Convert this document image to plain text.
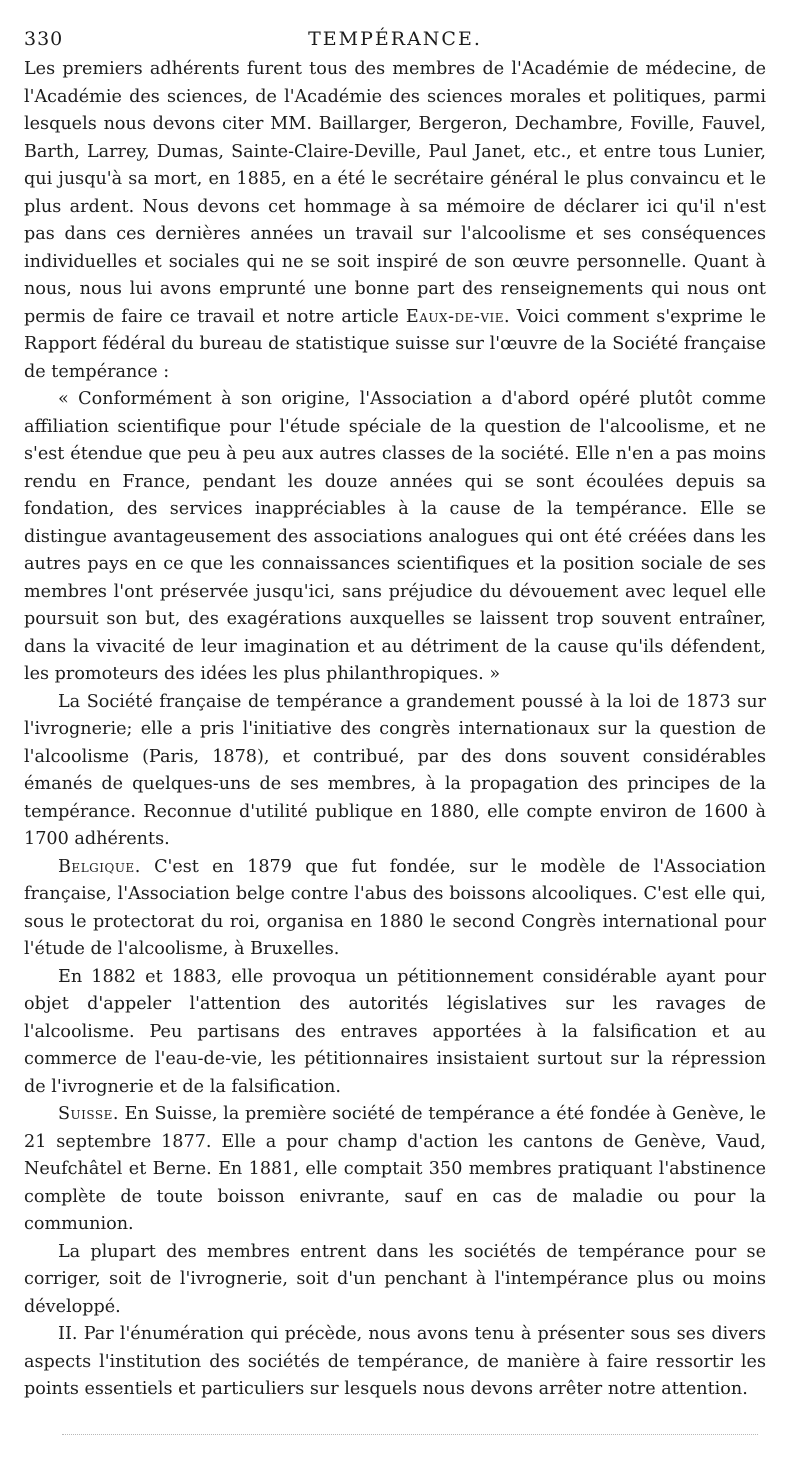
330	TEMPÉRANCE.

Les premiers adhérents furent tous des membres de l'Académie de médecine, de l'Académie des sciences, de l'Académie des sciences morales et politiques, parmi lesquels nous devons citer MM. Baillarger, Bergeron, Dechambre, Foville, Fauvel, Barth, Larrey, Dumas, Sainte-Claire-Deville, Paul Janet, etc., et entre tous Lunier, qui jusqu'à sa mort, en 1885, en a été le secrétaire général le plus convaincu et le plus ardent. Nous devons cet hommage à sa mémoire de déclarer ici qu'il n'est pas dans ces dernières années un travail sur l'alcoolisme et ses conséquences individuelles et sociales qui ne se soit inspiré de son œuvre personnelle. Quant à nous, nous lui avons emprunté une bonne part des renseignements qui nous ont permis de faire ce travail et notre article Eaux-de-vie. Voici comment s'exprime le Rapport fédéral du bureau de statistique suisse sur l'œuvre de la Société française de tempérance :

« Conformément à son origine, l'Association a d'abord opéré plutôt comme affiliation scientifique pour l'étude spéciale de la question de l'alcoolisme, et ne s'est étendue que peu à peu aux autres classes de la société. Elle n'en a pas moins rendu en France, pendant les douze années qui se sont écoulées depuis sa fondation, des services inappréciables à la cause de la tempérance. Elle se distingue avantageusement des associations analogues qui ont été créées dans les autres pays en ce que les connaissances scientifiques et la position sociale de ses membres l'ont préservée jusqu'ici, sans préjudice du dévouement avec lequel elle poursuit son but, des exagérations auxquelles se laissent trop souvent entraîner, dans la vivacité de leur imagination et au détriment de la cause qu'ils défendent, les promoteurs des idées les plus philanthropiques. »

La Société française de tempérance a grandement poussé à la loi de 1873 sur l'ivrognerie; elle a pris l'initiative des congrès internationaux sur la question de l'alcoolisme (Paris, 1878), et contribué, par des dons souvent considérables émanés de quelques-uns de ses membres, à la propagation des principes de la tempérance. Reconnue d'utilité publique en 1880, elle compte environ de 1600 à 1700 adhérents.

Belgique. C'est en 1879 que fut fondée, sur le modèle de l'Association française, l'Association belge contre l'abus des boissons alcooliques. C'est elle qui, sous le protectorat du roi, organisa en 1880 le second Congrès international pour l'étude de l'alcoolisme, à Bruxelles.

En 1882 et 1883, elle provoqua un pétitionnement considérable ayant pour objet d'appeler l'attention des autorités législatives sur les ravages de l'alcoolisme. Peu partisans des entraves apportées à la falsification et au commerce de l'eau-de-vie, les pétitionnaires insistaient surtout sur la répression de l'ivrognerie et de la falsification.

Suisse. En Suisse, la première société de tempérance a été fondée à Genève, le 21 septembre 1877. Elle a pour champ d'action les cantons de Genève, Vaud, Neufchâtel et Berne. En 1881, elle comptait 350 membres pratiquant l'abstinence complète de toute boisson enivrante, sauf en cas de maladie ou pour la communion.

La plupart des membres entrent dans les sociétés de tempérance pour se corriger, soit de l'ivrognerie, soit d'un penchant à l'intempérance plus ou moins développé.

II. Par l'énumération qui précède, nous avons tenu à présenter sous ses divers aspects l'institution des sociétés de tempérance, de manière à faire ressortir les points essentiels et particuliers sur lesquels nous devons arrêter notre attention.
